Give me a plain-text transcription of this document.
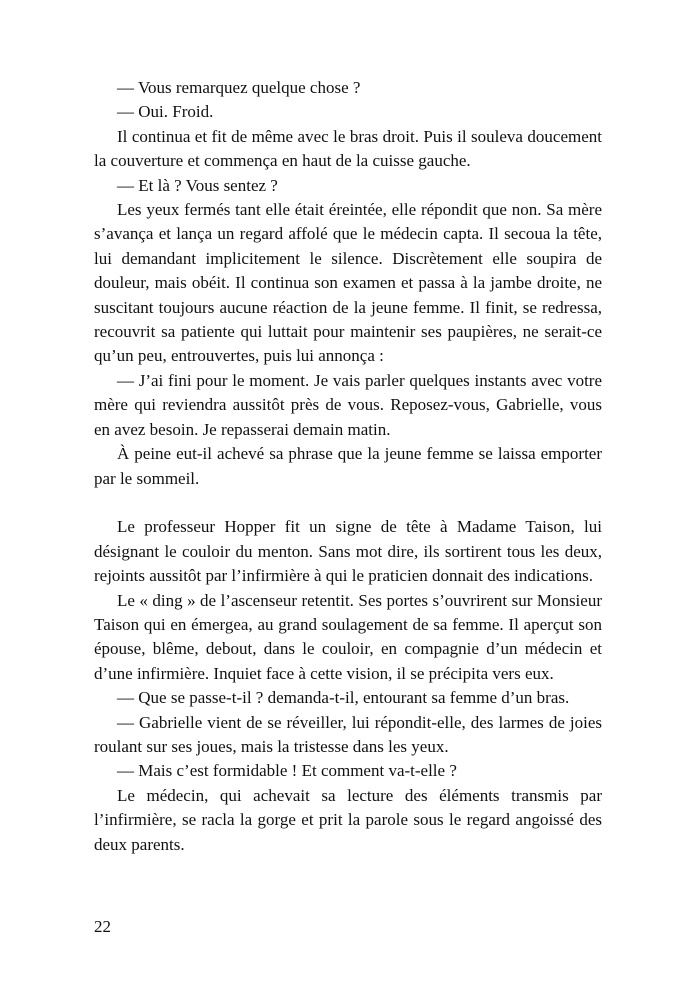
— Vous remarquez quelque chose ?

— Oui. Froid.

Il continua et fit de même avec le bras droit. Puis il souleva doucement la couverture et commença en haut de la cuisse gauche.

— Et là ? Vous sentez ?

Les yeux fermés tant elle était éreintée, elle répondit que non. Sa mère s’avança et lança un regard affolé que le médecin capta. Il secoua la tête, lui demandant implicitement le silence. Discrètement elle soupira de douleur, mais obéit. Il continua son examen et passa à la jambe droite, ne suscitant toujours aucune réaction de la jeune femme. Il finit, se redressa, recouvrit sa patiente qui luttait pour maintenir ses paupières, ne serait-ce qu’un peu, entrouvertes, puis lui annonça :

— J’ai fini pour le moment. Je vais parler quelques instants avec votre mère qui reviendra aussitôt près de vous. Reposez-vous, Gabrielle, vous en avez besoin. Je repasserai demain matin.

À peine eut-il achevé sa phrase que la jeune femme se laissa emporter par le sommeil.

Le professeur Hopper fit un signe de tête à Madame Taison, lui désignant le couloir du menton. Sans mot dire, ils sortirent tous les deux, rejoints aussitôt par l’infirmière à qui le praticien donnait des indications.

Le « ding » de l’ascenseur retentit. Ses portes s’ouvrirent sur Monsieur Taison qui en émergea, au grand soulagement de sa femme. Il aperçut son épouse, blême, debout, dans le couloir, en compagnie d’un médecin et d’une infirmière. Inquiet face à cette vision, il se précipita vers eux.

— Que se passe-t-il ? demanda-t-il, entourant sa femme d’un bras.

— Gabrielle vient de se réveiller, lui répondit-elle, des larmes de joies roulant sur ses joues, mais la tristesse dans les yeux.

— Mais c’est formidable ! Et comment va-t-elle ?

Le médecin, qui achevait sa lecture des éléments transmis par l’infirmière, se racla la gorge et prit la parole sous le regard angoissé des deux parents.

22
